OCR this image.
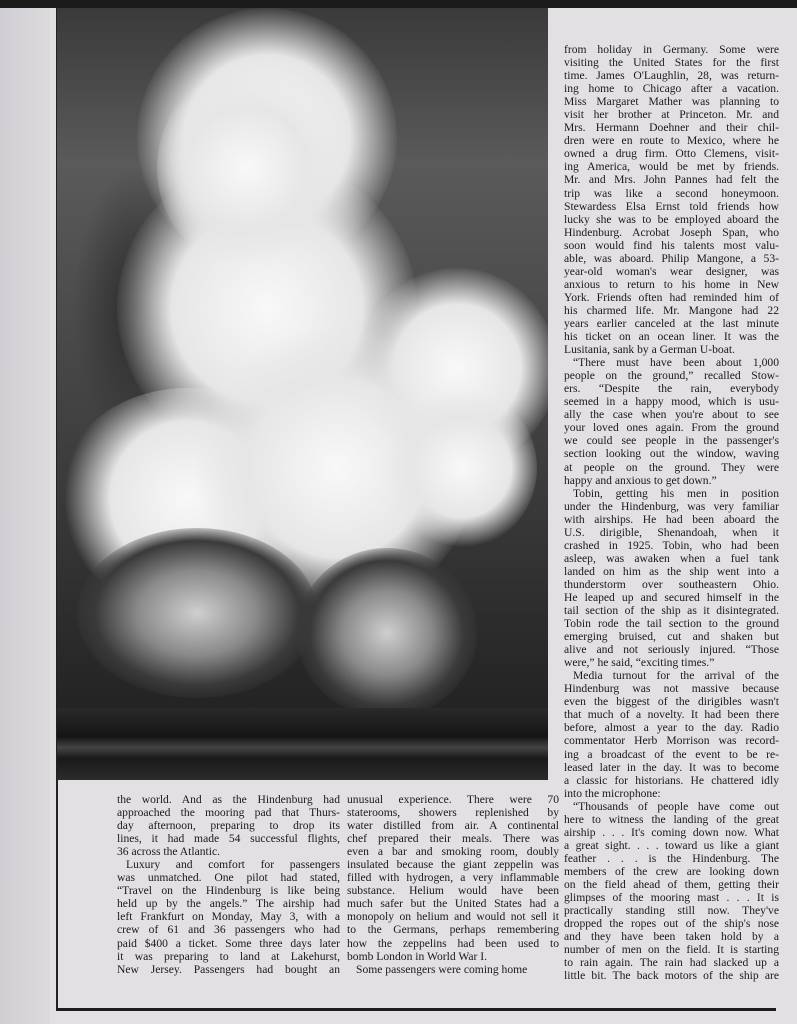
from holiday in Germany. Some were
visiting the United States for the first
time. James O'Laughlin, 28, was return-
ing home to Chicago after a vacation.
Miss Margaret Mather was planning to
visit her brother at Princeton. Mr. and
Mrs. Hermann Doehner and their chil-
dren were en route to Mexico, where he
owned a drug firm. Otto Clemens, visit-
ing America, would be met by friends.
Mr. and Mrs. John Pannes had felt the
trip was like a second honeymoon.
Stewardess Elsa Ernst told friends how
lucky she was to be employed aboard the
Hindenburg. Acrobat Joseph Span, who
soon would find his talents most valu-
able, was aboard. Philip Mangone, a 53-
year-old woman's wear designer, was
anxious to return to his home in New
York. Friends often had reminded him of
his charmed life. Mr. Mangone had 22
years earlier canceled at the last minute
his ticket on an ocean liner. It was the
Lusitania, sank by a German U-boat.
“There must have been about 1,000
people on the ground,” recalled Stow-
ers. “Despite the rain, everybody
seemed in a happy mood, which is usu-
ally the case when you're about to see
your loved ones again. From the ground
we could see people in the passenger's
section looking out the window, waving
at people on the ground. They were
happy and anxious to get down.”
Tobin, getting his men in position
under the Hindenburg, was very familiar
with airships. He had been aboard the
U.S. dirigible, Shenandoah, when it
crashed in 1925. Tobin, who had been
asleep, was awaken when a fuel tank
landed on him as the ship went into a
thunderstorm over southeastern Ohio.
He leaped up and secured himself in the
tail section of the ship as it disintegrated.
Tobin rode the tail section to the ground
emerging bruised, cut and shaken but
alive and not seriously injured. “Those
were,” he said, “exciting times.”
Media turnout for the arrival of the
Hindenburg was not massive because
even the biggest of the dirigibles wasn't
that much of a novelty. It had been there
before, almost a year to the day. Radio
commentator Herb Morrison was record-
ing a broadcast of the event to be re-
leased later in the day. It was to become
a classic for historians. He chattered idly
into the microphone:
“Thousands of people have come out
here to witness the landing of the great
airship . . . It's coming down now. What
a great sight. . . . toward us like a giant
feather . . . is the Hindenburg. The
members of the crew are looking down
on the field ahead of them, getting their
glimpses of the mooring mast . . . It is
practically standing still now. They've
dropped the ropes out of the ship's nose
and they have been taken hold by a
number of men on the field. It is starting
to rain again. The rain had slacked up a
little bit. The back motors of the ship are
the world. And as the Hindenburg had
approached the mooring pad that Thurs-
day afternoon, preparing to drop its
lines, it had made 54 successful flights,
36 across the Atlantic.
Luxury and comfort for passengers
was unmatched. One pilot had stated,
“Travel on the Hindenburg is like being
held up by the angels.” The airship had
left Frankfurt on Monday, May 3, with a
crew of 61 and 36 passengers who had
paid $400 a ticket. Some three days later
it was preparing to land at Lakehurst,
New Jersey. Passengers had bought an
unusual experience. There were 70
staterooms, showers replenished by
water distilled from air. A continental
chef prepared their meals. There was
even a bar and smoking room, doubly
insulated because the giant zeppelin was
filled with hydrogen, a very inflammable
substance. Helium would have been
much safer but the United States had a
monopoly on helium and would not sell it
to the Germans, perhaps remembering
how the zeppelins had been used to
bomb London in World War I.
Some passengers were coming home
